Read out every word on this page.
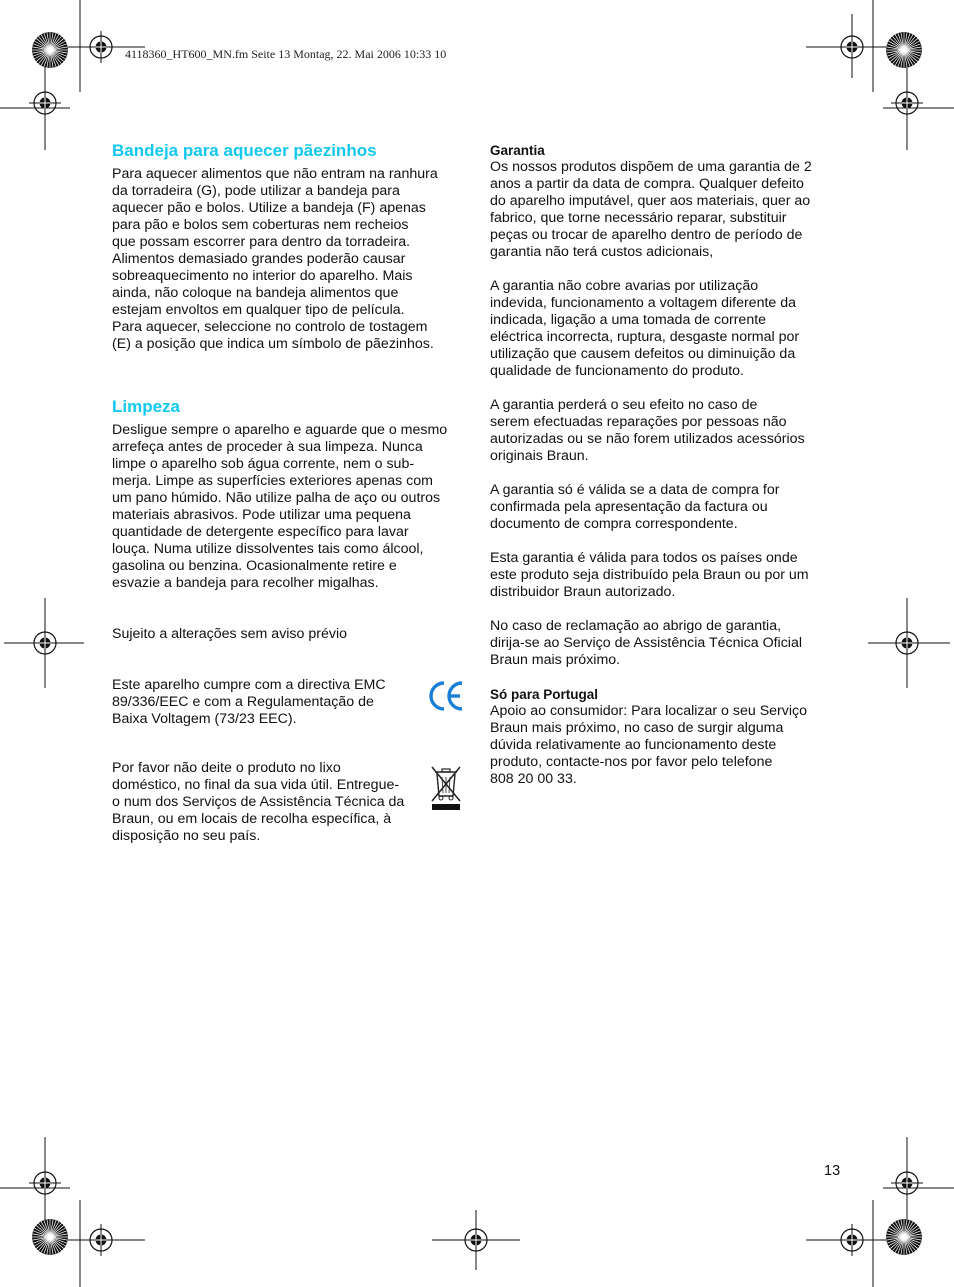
4118360_HT600_MN.fm Seite 13 Montag, 22. Mai 2006 10:33 10
Bandeja para aquecer pãezinhos

Para aquecer alimentos que não entram na ranhura

da torradeira (G), pode utilizar a bandeja para

aquecer pão e bolos. Utilize a bandeja (F) apenas

para pão e bolos sem coberturas nem recheios

que possam escorrer para dentro da torradeira.

Alimentos demasiado grandes poderão causar

sobreaquecimento no interior do aparelho. Mais

ainda, não coloque na bandeja alimentos que

estejam envoltos em qualquer tipo de película.

Para aquecer, seleccione no controlo de tostagem

(E) a posição que indica um símbolo de pãezinhos.

Limpeza

Desligue sempre o aparelho e aguarde que o mesmo

arrefeça antes de proceder à sua limpeza. Nunca

limpe o aparelho sob água corrente, nem o sub-

merja. Limpe as superfícies exteriores apenas com

um pano húmido. Não utilize palha de aço ou outros

materiais abrasivos. Pode utilizar uma pequena

quantidade de detergente específico para lavar

louça. Numa utilize dissolventes tais como álcool,

gasolina ou benzina. Ocasionalmente retire e

esvazie a bandeja para recolher migalhas.

Sujeito a alterações sem aviso prévio

Este aparelho cumpre com a directiva EMC

89/336/EEC e com a Regulamentação de

Baixa Voltagem (73/23 EEC).

Por favor não deite o produto no lixo

doméstico, no final da sua vida útil. Entregue-

o num dos Serviços de Assistência Técnica da

Braun, ou em locais de recolha específica, à

disposição no seu país.

Garantia

Os nossos produtos dispõem de uma garantia de 2

anos a partir da data de compra. Qualquer defeito

do aparelho imputável, quer aos materiais, quer ao

fabrico, que torne necessário reparar, substituir

peças ou trocar de aparelho dentro de período de

garantia não terá custos adicionais,

A garantia não cobre avarias por utilização

indevida, funcionamento a voltagem diferente da

indicada, ligação a uma tomada de corrente

eléctrica incorrecta, ruptura, desgaste normal por

utilização que causem defeitos ou diminuição da

qualidade de funcionamento do produto.

A garantia perderá o seu efeito no caso de

serem efectuadas reparações por pessoas não

autorizadas ou se não forem utilizados acessórios

originais Braun.

A garantia só é válida se a data de compra for

confirmada pela apresentação da factura ou

documento de compra correspondente.

Esta garantia é válida para todos os países onde

este produto seja distribuído pela Braun ou por um

distribuidor Braun autorizado.

No caso de reclamação ao abrigo de garantia,

dirija-se ao Serviço de Assistência Técnica Oficial

Braun mais próximo.

Só para Portugal

Apoio ao consumidor: Para localizar o seu Serviço

Braun mais próximo, no caso de surgir alguma

dúvida relativamente ao funcionamento deste

produto, contacte-nos por favor pelo telefone

808 20 00 33.

13
